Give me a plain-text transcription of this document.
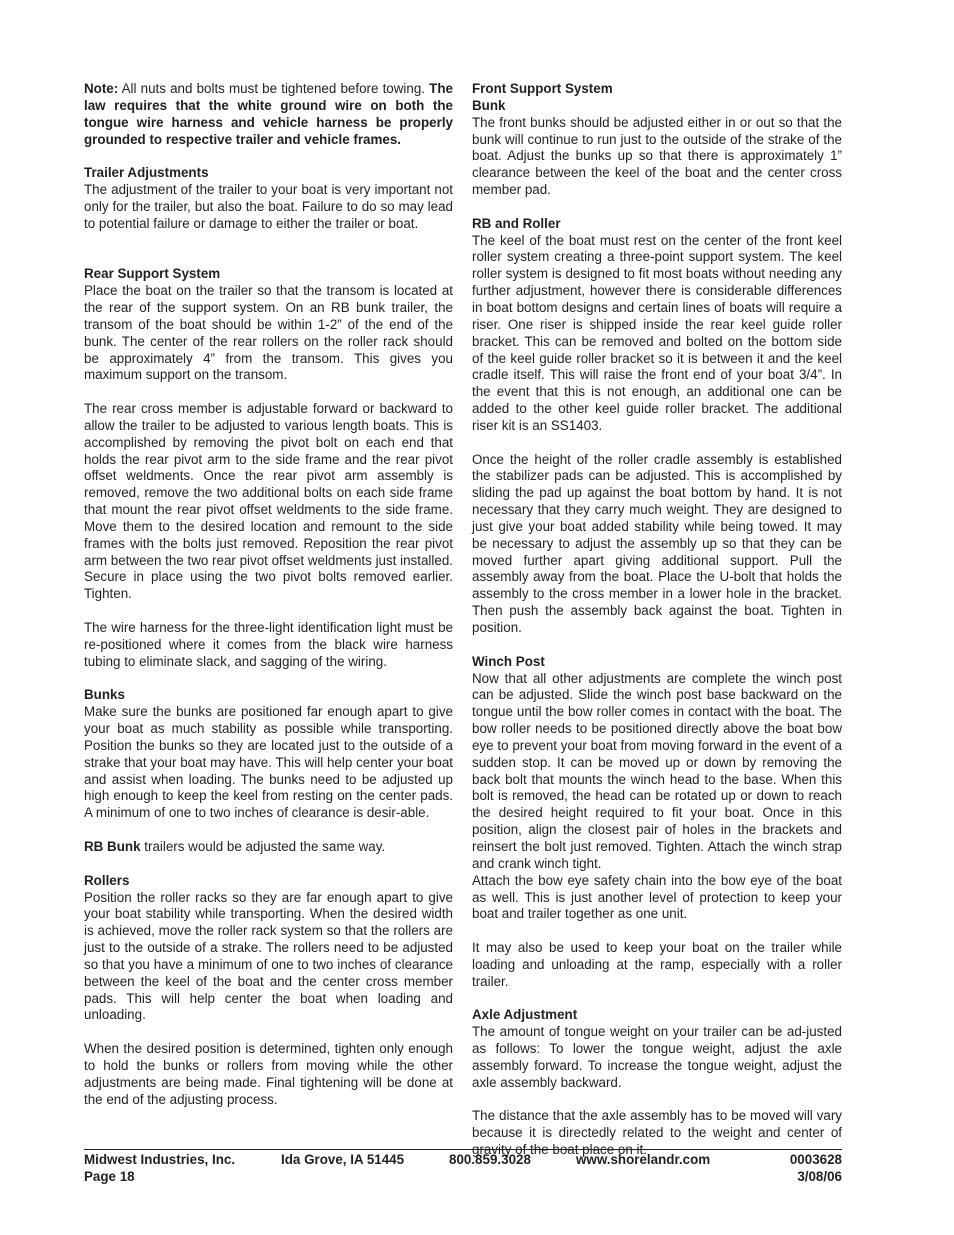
Note: All nuts and bolts must be tightened before towing. The law requires that the white ground wire on both the tongue wire harness and vehicle harness be properly grounded to respective trailer and vehicle frames.

Trailer Adjustments

The adjustment of the trailer to your boat is very important not only for the trailer, but also the boat. Failure to do so may lead to potential failure or damage to either the trailer or boat.

Rear Support System

Place the boat on the trailer so that the transom is located at the rear of the support system. On an RB bunk trailer, the transom of the boat should be within 1-2” of the end of the bunk. The center of the rear rollers on the roller rack should be approximately 4” from the transom. This gives you maximum support on the transom.

The rear cross member is adjustable forward or backward to allow the trailer to be adjusted to various length boats. This is accomplished by removing the pivot bolt on each end that holds the rear pivot arm to the side frame and the rear pivot offset weldments. Once the rear pivot arm assembly is removed, remove the two additional bolts on each side frame that mount the rear pivot offset weldments to the side frame. Move them to the desired location and remount to the side frames with the bolts just removed. Reposition the rear pivot arm between the two rear pivot offset weldments just installed. Secure in place using the two pivot bolts removed earlier. Tighten.

The wire harness for the three-light identification light must be re-positioned where it comes from the black wire harness tubing to eliminate slack, and sagging of the wiring.

Bunks

Make sure the bunks are positioned far enough apart to give your boat as much stability as possible while transporting. Position the bunks so they are located just to the outside of a strake that your boat may have. This will help center your boat and assist when loading. The bunks need to be adjusted up high enough to keep the keel from resting on the center pads. A minimum of one to two inches of clearance is desir-able.

RB Bunk trailers would be adjusted the same way.

Rollers

Position the roller racks so they are far enough apart to give your boat stability while transporting. When the desired width is achieved, move the roller rack system so that the rollers are just to the outside of a strake. The rollers need to be adjusted so that you have a minimum of one to two inches of clearance between the keel of the boat and the center cross member pads. This will help center the boat when loading and unloading.

When the desired position is determined, tighten only enough to hold the bunks or rollers from moving while the other adjustments are being made. Final tightening will be done at the end of the adjusting process.

Front Support System

Bunk

The front bunks should be adjusted either in or out so that the bunk will continue to run just to the outside of the strake of the boat. Adjust the bunks up so that there is approximately 1” clearance between the keel of the boat and the center cross member pad.

RB and Roller

The keel of the boat must rest on the center of the front keel roller system creating a three-point support system. The keel roller system is designed to fit most boats without needing any further adjustment, however there is considerable differences in boat bottom designs and certain lines of boats will require a riser. One riser is shipped inside the rear keel guide roller bracket. This can be removed and bolted on the bottom side of the keel guide roller bracket so it is between it and the keel cradle itself. This will raise the front end of your boat 3/4”. In the event that this is not enough, an additional one can be added to the other keel guide roller bracket. The additional riser kit is an SS1403.

Once the height of the roller cradle assembly is established the stabilizer pads can be adjusted. This is accomplished by sliding the pad up against the boat bottom by hand. It is not necessary that they carry much weight. They are designed to just give your boat added stability while being towed. It may be necessary to adjust the assembly up so that they can be moved further apart giving additional support. Pull the assembly away from the boat. Place the U-bolt that holds the assembly to the cross member in a lower hole in the bracket. Then push the assembly back against the boat. Tighten in position.

Winch Post

Now that all other adjustments are complete the winch post can be adjusted. Slide the winch post base backward on the tongue until the bow roller comes in contact with the boat. The bow roller needs to be positioned directly above the boat bow eye to prevent your boat from moving forward in the event of a sudden stop. It can be moved up or down by removing the back bolt that mounts the winch head to the base. When this bolt is removed, the head can be rotated up or down to reach the desired height required to fit your boat. Once in this position, align the closest pair of holes in the brackets and reinsert the bolt just removed. Tighten. Attach the winch strap and crank winch tight.

Attach the bow eye safety chain into the bow eye of the boat as well. This is just another level of protection to keep your boat and trailer together as one unit.

It may also be used to keep your boat on the trailer while loading and unloading at the ramp, especially with a roller trailer.

Axle Adjustment

The amount of tongue weight on your trailer can be ad-justed as follows: To lower the tongue weight, adjust the axle assembly forward. To increase the tongue weight, adjust the axle assembly backward.

The distance that the axle assembly has to be moved will vary because it is directedly related to the weight and center of gravity of the boat place on it.

Midwest Industries, Inc.
Page 18
Ida Grove, IA 51445	800.859.3028	www.shorelandr.com	0003628
3/08/06
